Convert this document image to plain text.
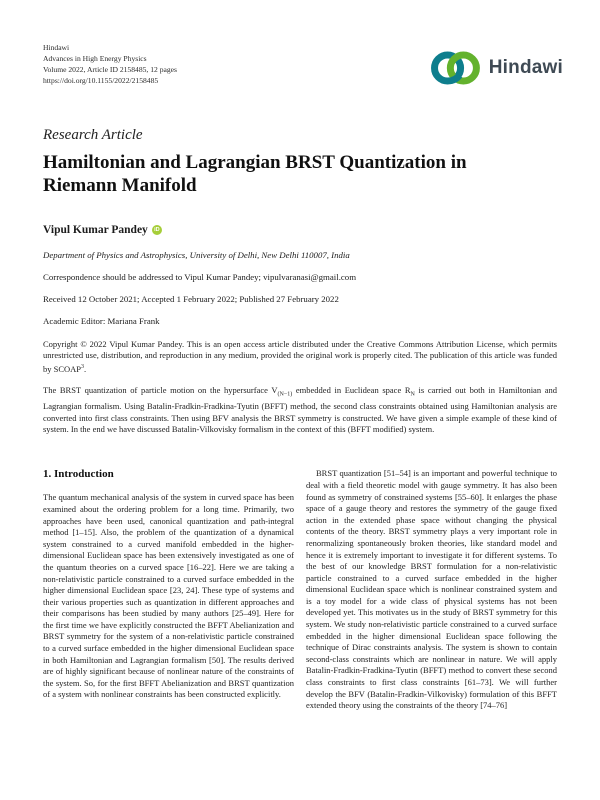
Hindawi
Advances in High Energy Physics
Volume 2022, Article ID 2158485, 12 pages
https://doi.org/10.1155/2022/2158485
Hindawi
Research Article
Hamiltonian and Lagrangian BRST Quantization in
Riemann Manifold
Vipul Kumar Pandey	iD
Department of Physics and Astrophysics, University of Delhi, New Delhi 110007, India
Correspondence should be addressed to Vipul Kumar Pandey; vipulvaranasi@gmail.com
Received 12 October 2021; Accepted 1 February 2022; Published 27 February 2022
Academic Editor: Mariana Frank

Copyright © 2022 Vipul Kumar Pandey. This is an open access article distributed under the Creative Commons Attribution License, which permits unrestricted use, distribution, and reproduction in any medium, provided the original work is properly cited. The publication of this article was funded by SCOAP$^3$.

The BRST quantization of particle motion on the hypersurface $V_{(N-1)}$ embedded in Euclidean space $R_N$ is carried out both in Hamiltonian and Lagrangian formalism. Using Batalin-Fradkin-Fradkina-Tyutin (BFFT) method, the second class constraints obtained using Hamiltonian analysis are converted into first class constraints. Then using BFV analysis the BRST symmetry is constructed. We have given a simple example of these kind of system. In the end we have discussed Batalin-Vilkovisky formalism in the context of this (BFFT modified) system.

1. Introduction

The quantum mechanical analysis of the system in curved space has been examined about the ordering problem for a long time. Primarily, two approaches have been used, canonical quantization and path-integral method [1–15]. Also, the problem of the quantization of a dynamical system constrained to a curved manifold embedded in the higher-dimensional Euclidean space has been extensively investigated as one of the quantum theories on a curved space [16–22]. Here we are taking a non-relativistic particle constrained to a curved surface embedded in the higher dimensional Euclidean space [23, 24]. These type of systems and their various properties such as quantization in different approaches and their comparisons has been studied by many authors [25–49]. Here for the first time we have explicitly constructed the BFFT Abelianization and BRST symmetry for the system of a non-relativistic particle constrained to a curved surface embedded in the higher dimensional Euclidean space in both Hamiltonian and Lagrangian formalism [50]. The results derived are of highly significant because of nonlinear nature of the constraints of the system. So, for the first BFFT Abelianization and BRST quantization of a system with nonlinear constraints has been constructed explicitly.

BRST quantization [51–54] is an important and powerful technique to deal with a field theoretic model with gauge symmetry. It has also been found as symmetry of constrained systems [55–60]. It enlarges the phase space of a gauge theory and restores the symmetry of the gauge fixed action in the extended phase space without changing the physical contents of the theory. BRST symmetry plays a very important role in renormalizing spontaneously broken theories, like standard model and hence it is extremely important to investigate it for different systems. To the best of our knowledge BRST formulation for a non-relativistic particle constrained to a curved surface embedded in the higher dimensional Euclidean space which is nonlinear constrained system and is a toy model for a wide class of physical systems has not been developed yet. This motivates us in the study of BRST symmetry for this system. We study non-relativistic particle constrained to a curved surface embedded in the higher dimensional Euclidean space following the technique of Dirac constraints analysis. The system is shown to contain second-class constraints which are nonlinear in nature. We will apply Batalin-Fradkin-Fradkina-Tyutin (BFFT) method to convert these second class constraints to first class constraints [61–73]. We will further develop the BFV (Batalin-Fradkin-Vilkovisky) formulation of this BFFT extended theory using the constraints of the theory [74–76]
